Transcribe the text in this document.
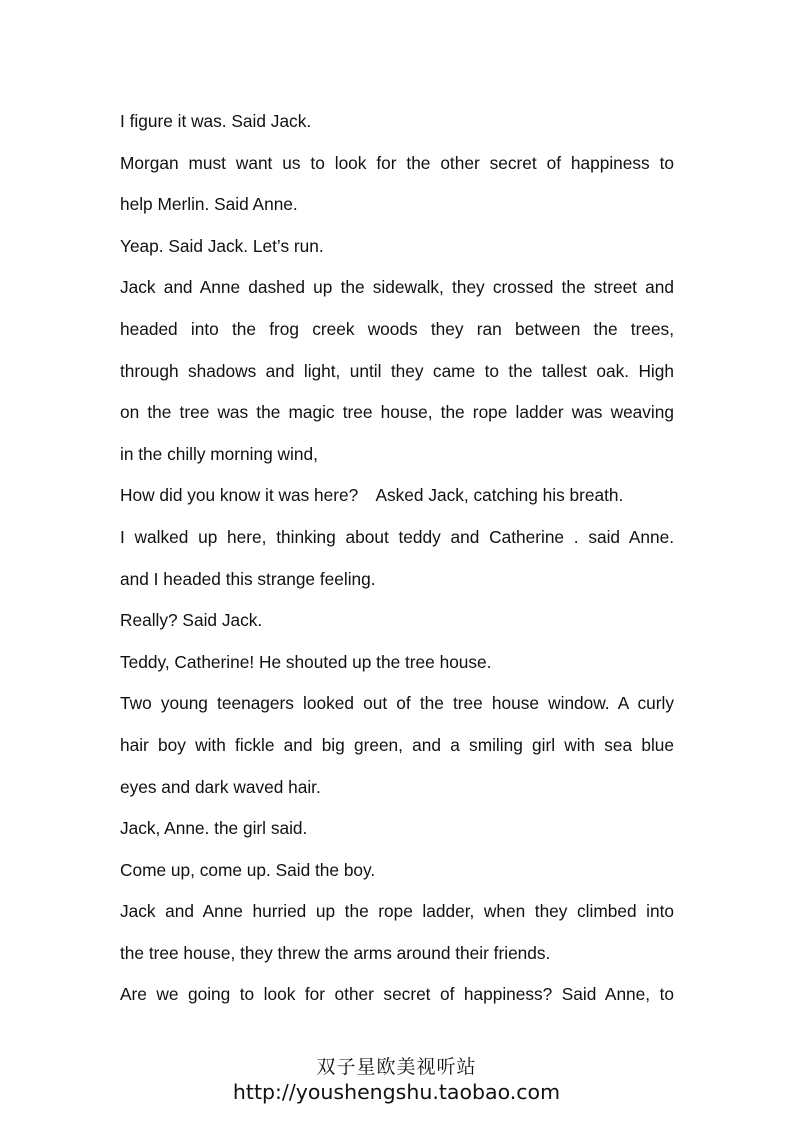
I figure it was. Said Jack.
Morgan must want us to look for the other secret of happiness to
help Merlin. Said Anne.
Yeap. Said Jack. Let’s run.
Jack and Anne dashed up the sidewalk, they crossed the street and
headed into the frog creek woods they ran between the trees,
through shadows and light, until they came to the tallest oak. High
on the tree was the magic tree house, the rope ladder was weaving
in the chilly morning wind,
How did you know it was here?　Asked Jack, catching his breath.
I walked up here, thinking about teddy and Catherine . said Anne.
and I headed this strange feeling.
Really? Said Jack.
Teddy, Catherine! He shouted up the tree house.
Two young teenagers looked out of the tree house window. A curly
hair boy with fickle and big green, and a smiling girl with sea blue
eyes and dark waved hair.
Jack, Anne. the girl said.
Come up, come up. Said the boy.
Jack and Anne hurried up the rope ladder, when they climbed into
the tree house, they threw the arms around their friends.
Are we going to look for other secret of happiness? Said Anne, to
双子星欧美视听站
http://youshengshu.taobao.com
